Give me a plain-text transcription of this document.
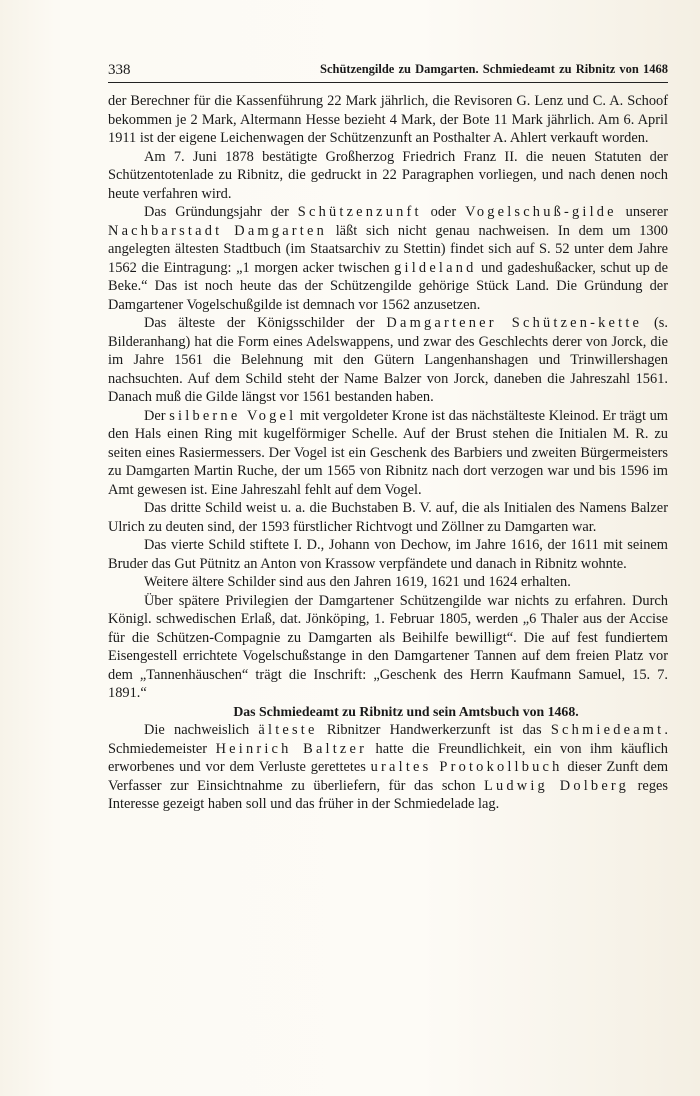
338	Schützengilde zu Damgarten. Schmiedeamt zu Ribnitz von 1468

der Berechner für die Kassenführung 22 Mark jährlich, die Revisoren G. Lenz und C. A. Schoof bekommen je 2 Mark, Altermann Hesse bezieht 4 Mark, der Bote 11 Mark jährlich. Am 6. April 1911 ist der eigene Leichenwagen der Schützenzunft an Posthalter A. Ahlert verkauft worden.

Am 7. Juni 1878 bestätigte Großherzog Friedrich Franz II. die neuen Statuten der Schützentotenlade zu Ribnitz, die gedruckt in 22 Paragraphen vorliegen, und nach denen noch heute verfahren wird.

Das Gründungsjahr der Schützenzunft oder Vogelschuß-gilde unserer Nachbarstadt Damgarten läßt sich nicht genau nachweisen. In dem um 1300 angelegten ältesten Stadtbuch (im Staatsarchiv zu Stettin) findet sich auf S. 52 unter dem Jahre 1562 die Eintragung: „1 morgen acker twischen gildeland und gadeshußacker, schut up de Beke.“ Das ist noch heute das der Schützengilde gehörige Stück Land. Die Gründung der Damgartener Vogelschußgilde ist demnach vor 1562 anzusetzen.

Das älteste der Königsschilder der Damgartener Schützen-kette (s. Bilderanhang) hat die Form eines Adelswappens, und zwar des Geschlechts derer von Jorck, die im Jahre 1561 die Belehnung mit den Gütern Langenhanshagen und Trinwillershagen nachsuchten. Auf dem Schild steht der Name Balzer von Jorck, daneben die Jahreszahl 1561. Danach muß die Gilde längst vor 1561 bestanden haben.

Der silberne Vogel mit vergoldeter Krone ist das nächstälteste Kleinod. Er trägt um den Hals einen Ring mit kugelförmiger Schelle. Auf der Brust stehen die Initialen M. R. zu seiten eines Rasiermessers. Der Vogel ist ein Geschenk des Barbiers und zweiten Bürgermeisters zu Damgarten Martin Ruche, der um 1565 von Ribnitz nach dort verzogen war und bis 1596 im Amt gewesen ist. Eine Jahreszahl fehlt auf dem Vogel.

Das dritte Schild weist u. a. die Buchstaben B. V. auf, die als Initialen des Namens Balzer Ulrich zu deuten sind, der 1593 fürstlicher Richtvogt und Zöllner zu Damgarten war.

Das vierte Schild stiftete I. D., Johann von Dechow, im Jahre 1616, der 1611 mit seinem Bruder das Gut Pütnitz an Anton von Krassow verpfändete und danach in Ribnitz wohnte.

Weitere ältere Schilder sind aus den Jahren 1619, 1621 und 1624 erhalten.

Über spätere Privilegien der Damgartener Schützengilde war nichts zu erfahren. Durch Königl. schwedischen Erlaß, dat. Jönköping, 1. Februar 1805, werden „6 Thaler aus der Accise für die Schützen-Compagnie zu Damgarten als Beihilfe bewilligt“. Die auf fest fundiertem Eisengestell errichtete Vogelschußstange in den Damgartener Tannen auf dem freien Platz vor dem „Tannenhäuschen“ trägt die Inschrift: „Geschenk des Herrn Kaufmann Samuel, 15. 7. 1891.“

Das Schmiedeamt zu Ribnitz und sein Amtsbuch von 1468.

Die nachweislich älteste Ribnitzer Handwerkerzunft ist das Schmiedeamt. Schmiedemeister Heinrich Baltzer hatte die Freundlichkeit, ein von ihm käuflich erworbenes und vor dem Verluste gerettetes uraltes Protokollbuch dieser Zunft dem Verfasser zur Einsichtnahme zu überliefern, für das schon Ludwig Dolberg reges Interesse gezeigt haben soll und das früher in der Schmiedelade lag.
